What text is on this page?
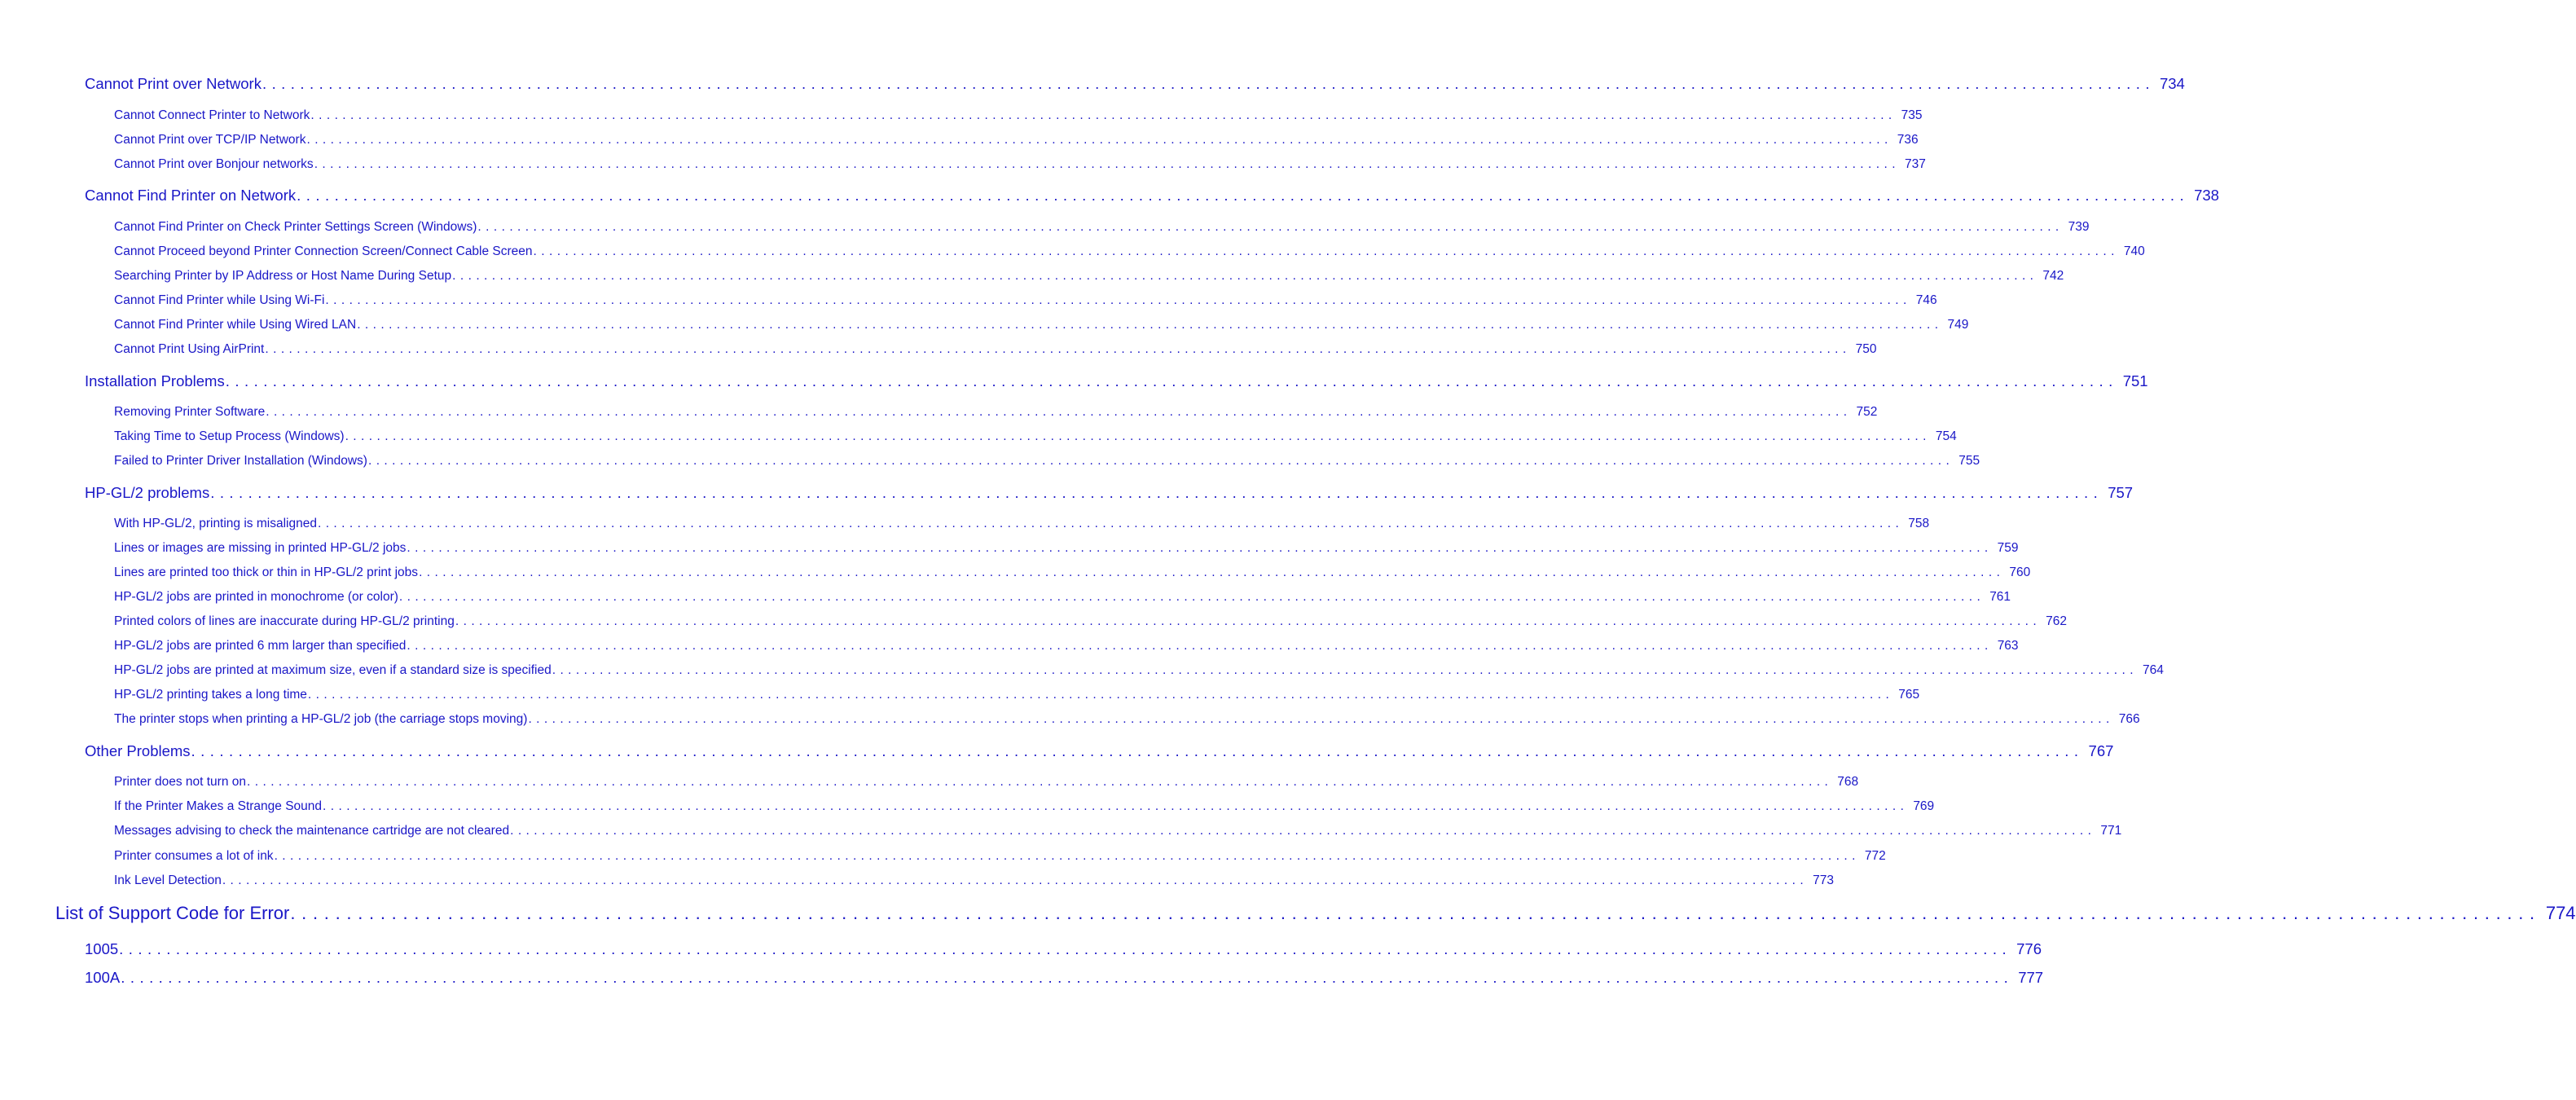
Cannot Print over Network ........................................................................................................................................................................................................ 734
Cannot Connect Printer to Network ........................................................................................................................................................................................................ 735
Cannot Print over TCP/IP Network ........................................................................................................................................................................................................ 736
Cannot Print over Bonjour networks ........................................................................................................................................................................................................ 737
Cannot Find Printer on Network ........................................................................................................................................................................................................ 738
Cannot Find Printer on Check Printer Settings Screen (Windows) ........................................................................................................................................................................................................ 739
Cannot Proceed beyond Printer Connection Screen/Connect Cable Screen ........................................................................................................................................................................................................ 740
Searching Printer by IP Address or Host Name During Setup ........................................................................................................................................................................................................ 742
Cannot Find Printer while Using Wi-Fi ........................................................................................................................................................................................................ 746
Cannot Find Printer while Using Wired LAN ........................................................................................................................................................................................................ 749
Cannot Print Using AirPrint ........................................................................................................................................................................................................ 750
Installation Problems ........................................................................................................................................................................................................ 751
Removing Printer Software ........................................................................................................................................................................................................ 752
Taking Time to Setup Process (Windows) ........................................................................................................................................................................................................ 754
Failed to Printer Driver Installation (Windows) ........................................................................................................................................................................................................ 755
HP-GL/2 problems ........................................................................................................................................................................................................ 757
With HP-GL/2, printing is misaligned ........................................................................................................................................................................................................ 758
Lines or images are missing in printed HP-GL/2 jobs ........................................................................................................................................................................................................ 759
Lines are printed too thick or thin in HP-GL/2 print jobs ........................................................................................................................................................................................................ 760
HP-GL/2 jobs are printed in monochrome (or color) ........................................................................................................................................................................................................ 761
Printed colors of lines are inaccurate during HP-GL/2 printing ........................................................................................................................................................................................................ 762
HP-GL/2 jobs are printed 6 mm larger than specified ........................................................................................................................................................................................................ 763
HP-GL/2 jobs are printed at maximum size, even if a standard size is specified ........................................................................................................................................................................................................ 764
HP-GL/2 printing takes a long time ........................................................................................................................................................................................................ 765
The printer stops when printing a HP-GL/2 job (the carriage stops moving) ........................................................................................................................................................................................................ 766
Other Problems ........................................................................................................................................................................................................ 767
Printer does not turn on ........................................................................................................................................................................................................ 768
If the Printer Makes a Strange Sound ........................................................................................................................................................................................................ 769
Messages advising to check the maintenance cartridge are not cleared ........................................................................................................................................................................................................ 771
Printer consumes a lot of ink ........................................................................................................................................................................................................ 772
Ink Level Detection ........................................................................................................................................................................................................ 773
List of Support Code for Error ........................................................................................................................................................................................................ 774
1005 ........................................................................................................................................................................................................ 776
100A ........................................................................................................................................................................................................ 777
